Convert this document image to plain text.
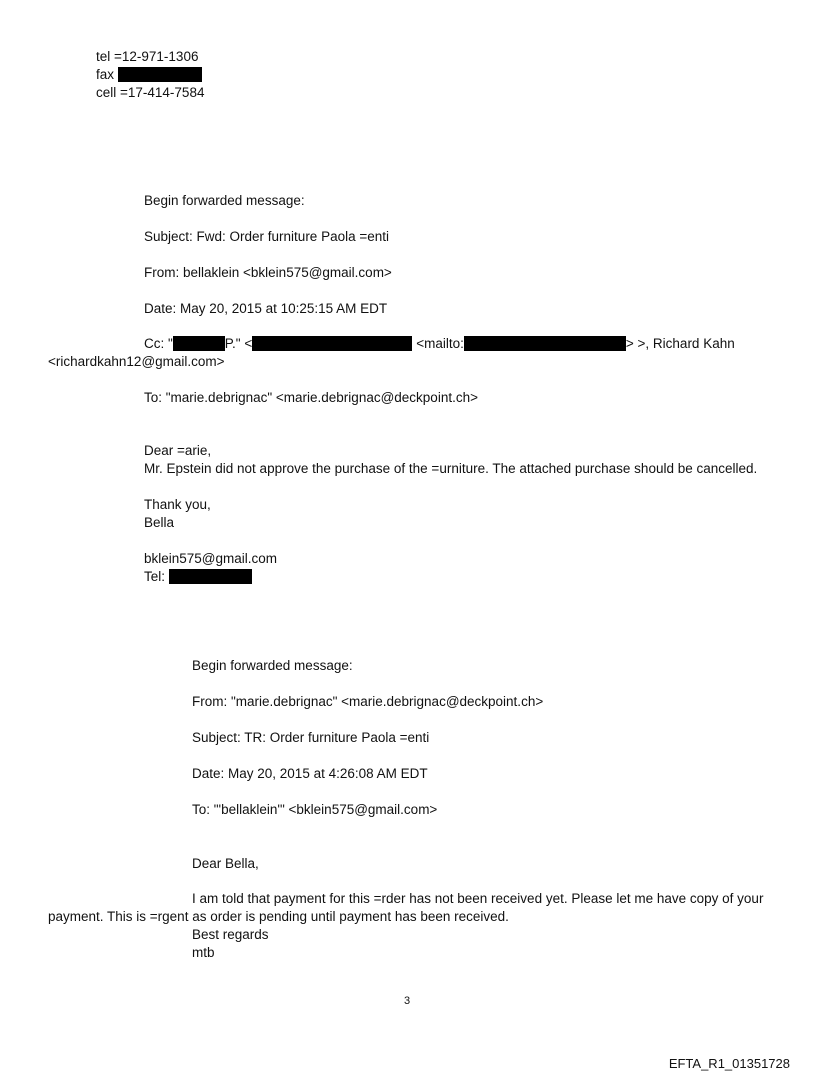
tel =12-971-1306
fax
cell =17-414-7584
Begin forwarded message:
Subject: Fwd: Order furniture Paola =enti
From: bellaklein <bklein575@gmail.com>
Date: May 20, 2015 at 10:25:15 AM EDT
Cc: "	P." <	<mailto:	> >, Richard Kahn
<richardkahn12@gmail.com>
To: "marie.debrignac" <marie.debrignac@deckpoint.ch>
Dear =arie,
Mr. Epstein did not approve the purchase of the =urniture. The attached purchase should be cancelled.
Thank you,
Bella
bklein575@gmail.com
Tel:
Begin forwarded message:
From: "marie.debrignac" <marie.debrignac@deckpoint.ch>
Subject: TR: Order furniture Paola =enti
Date: May 20, 2015 at 4:26:08 AM EDT
To: "'bellaklein'" <bklein575@gmail.com>
Dear Bella,
I am told that payment for this =rder has not been received yet. Please let me have copy of your
payment. This is =rgent as order is pending until payment has been received.
Best regards
mtb
3
EFTA_R1_01351728
